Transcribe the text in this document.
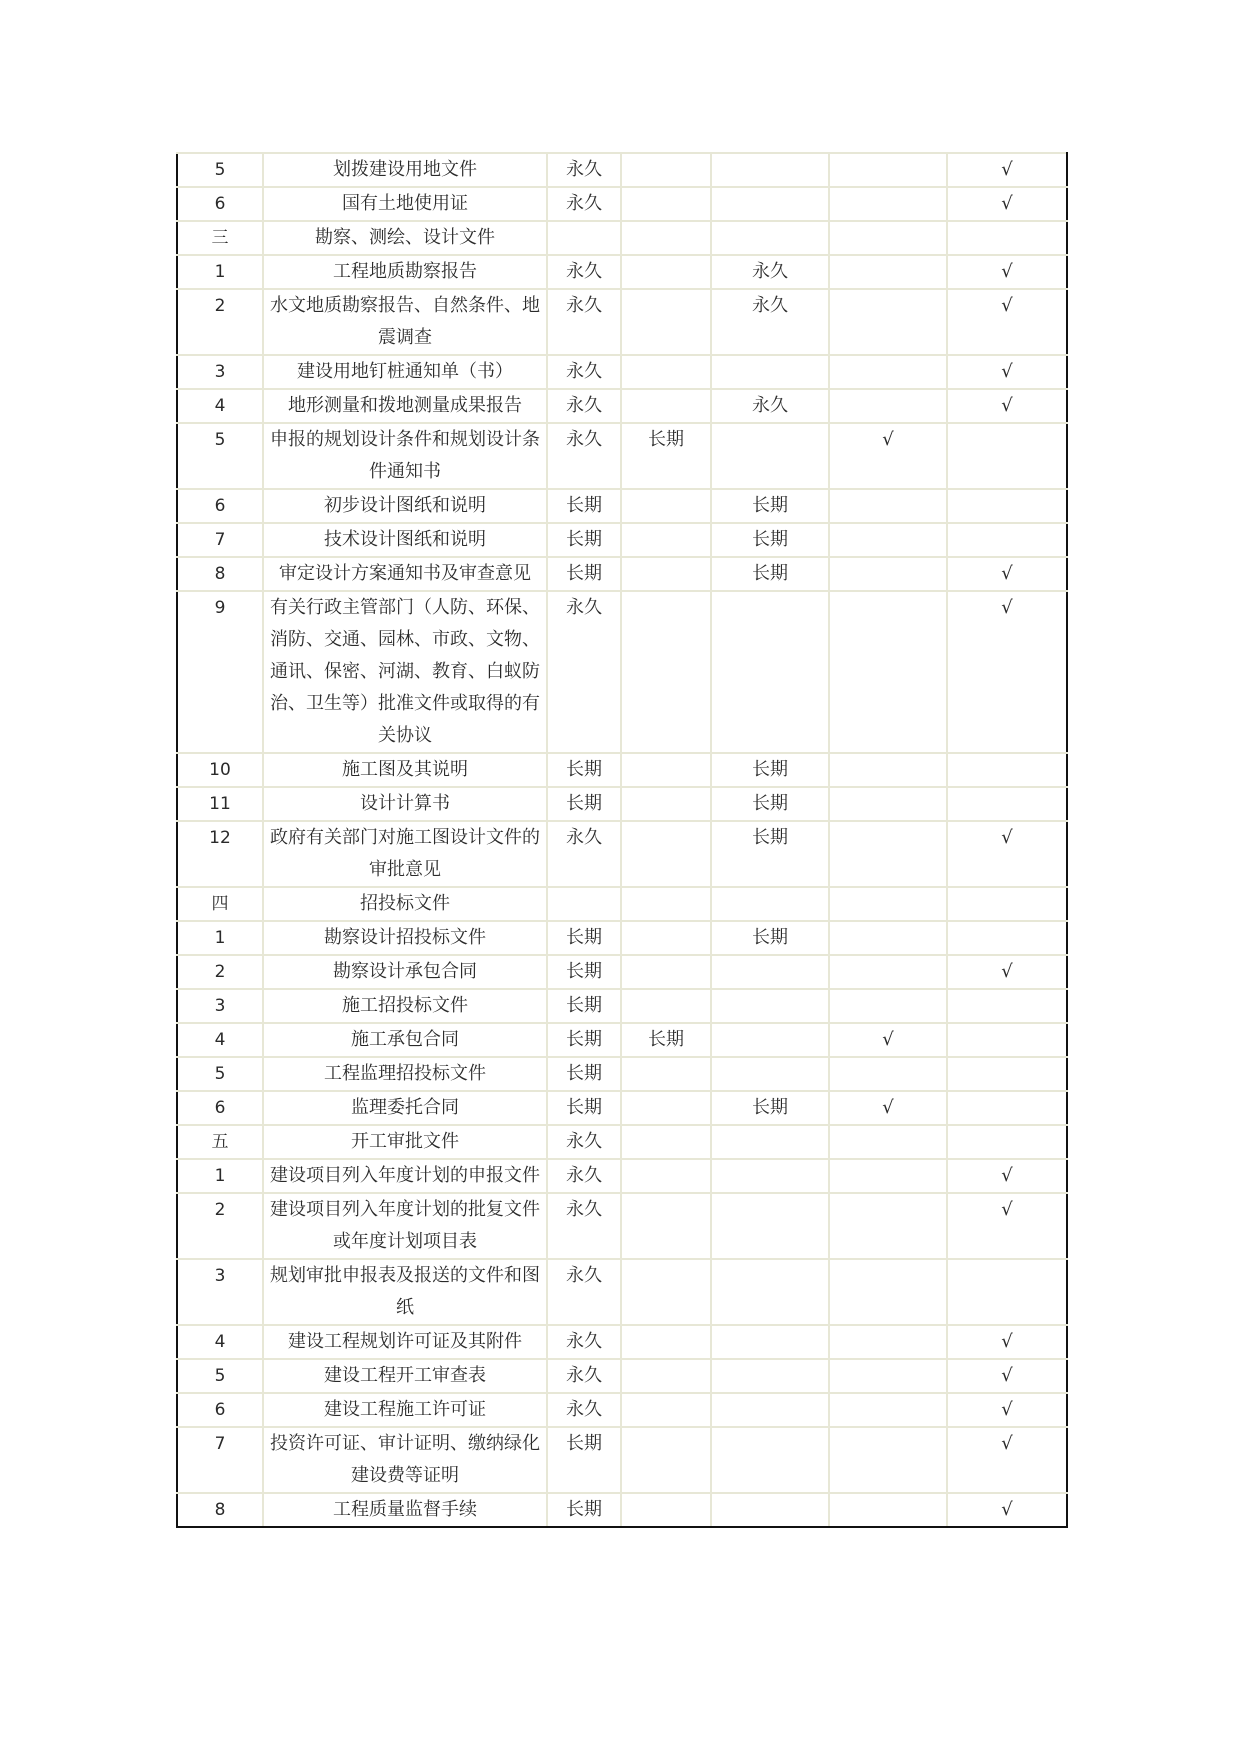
5	划拨建设用地文件	永久				√
6	国有土地使用证	永久				√
三	勘察、测绘、设计文件					
1	工程地质勘察报告	永久		永久		√
2	水文地质勘察报告、自然条件、地震调查	永久		永久		√
3	建设用地钉桩通知单（书）	永久				√
4	地形测量和拨地测量成果报告	永久		永久		√
5	申报的规划设计条件和规划设计条件通知书	永久	长期		√	
6	初步设计图纸和说明	长期		长期		
7	技术设计图纸和说明	长期		长期		
8	审定设计方案通知书及审查意见	长期		长期		√
9	有关行政主管部门（人防、环保、消防、交通、园林、市政、文物、通讯、保密、河湖、教育、白蚁防治、卫生等）批准文件或取得的有关协议	永久				√
10	施工图及其说明	长期		长期		
11	设计计算书	长期		长期		
12	政府有关部门对施工图设计文件的审批意见	永久		长期		√
四	招投标文件					
1	勘察设计招投标文件	长期		长期		
2	勘察设计承包合同	长期				√
3	施工招投标文件	长期				
4	施工承包合同	长期	长期		√	
5	工程监理招投标文件	长期				
6	监理委托合同	长期		长期	√	
五	开工审批文件	永久				
1	建设项目列入年度计划的申报文件	永久				√
2	建设项目列入年度计划的批复文件或年度计划项目表	永久				√
3	规划审批申报表及报送的文件和图纸	永久				
4	建设工程规划许可证及其附件	永久				√
5	建设工程开工审查表	永久				√
6	建设工程施工许可证	永久				√
7	投资许可证、审计证明、缴纳绿化建设费等证明	长期				√
8	工程质量监督手续	长期				√
